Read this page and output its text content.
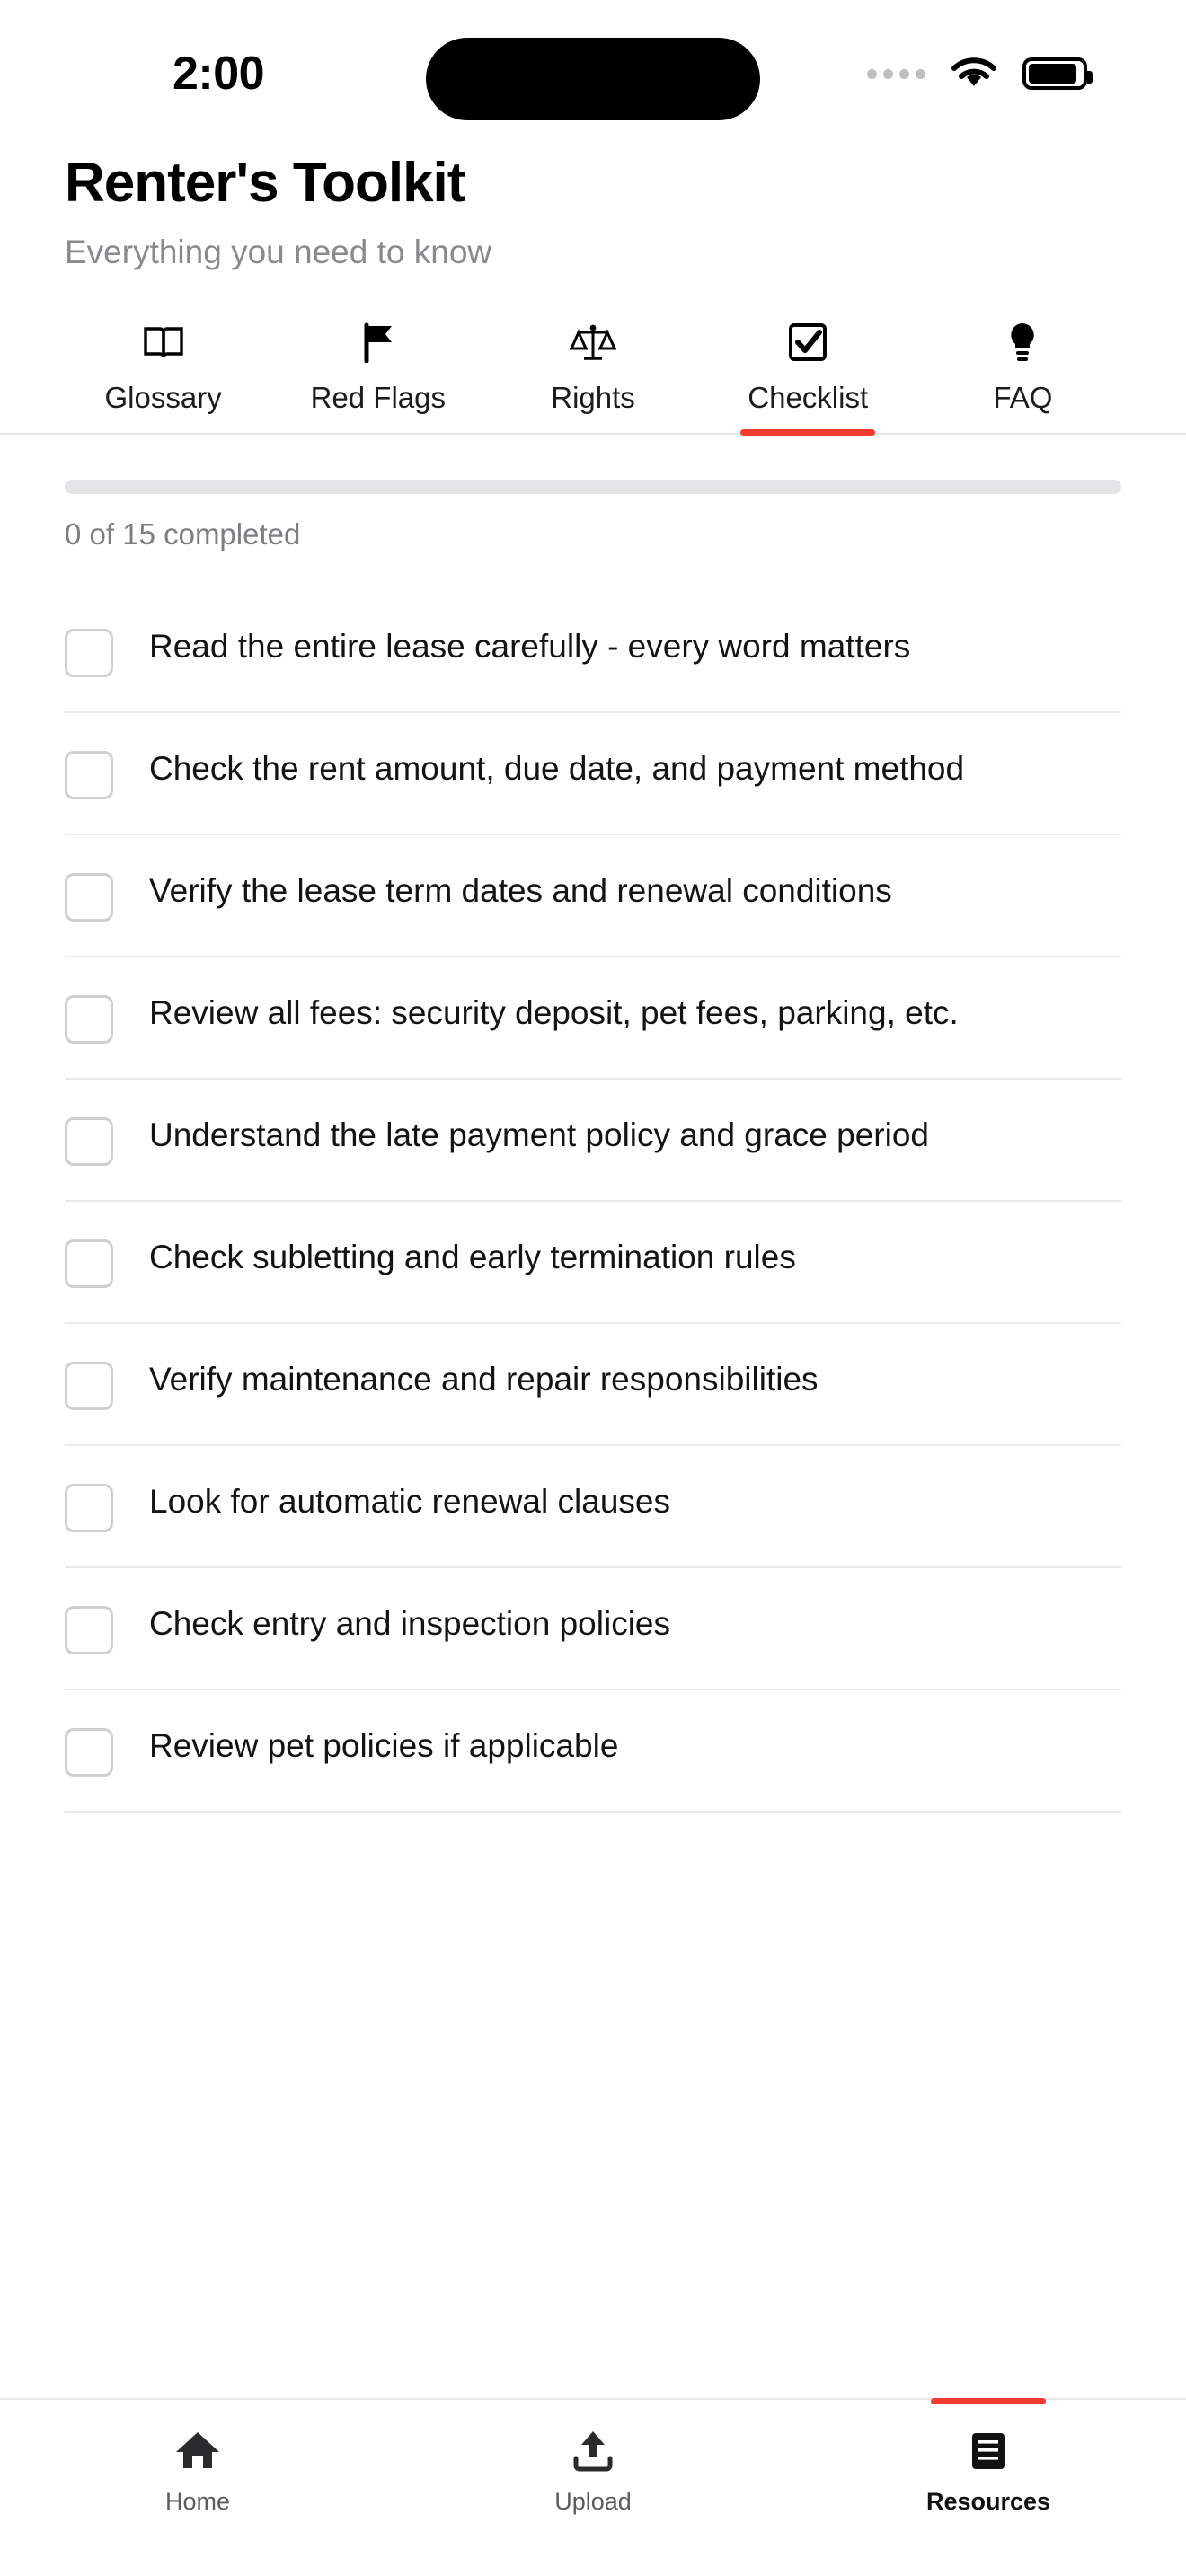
2:00
Renter's Toolkit
Everything you need to know
Glossary	Red Flags	Rights	Checklist	FAQ
0 of 15 completed
Read the entire lease carefully - every word matters
Check the rent amount, due date, and payment method
Verify the lease term dates and renewal conditions
Review all fees: security deposit, pet fees, parking, etc.
Understand the late payment policy and grace period
Check subletting and early termination rules
Verify maintenance and repair responsibilities
Look for automatic renewal clauses
Check entry and inspection policies
Review pet policies if applicable
Home	Upload	Resources
